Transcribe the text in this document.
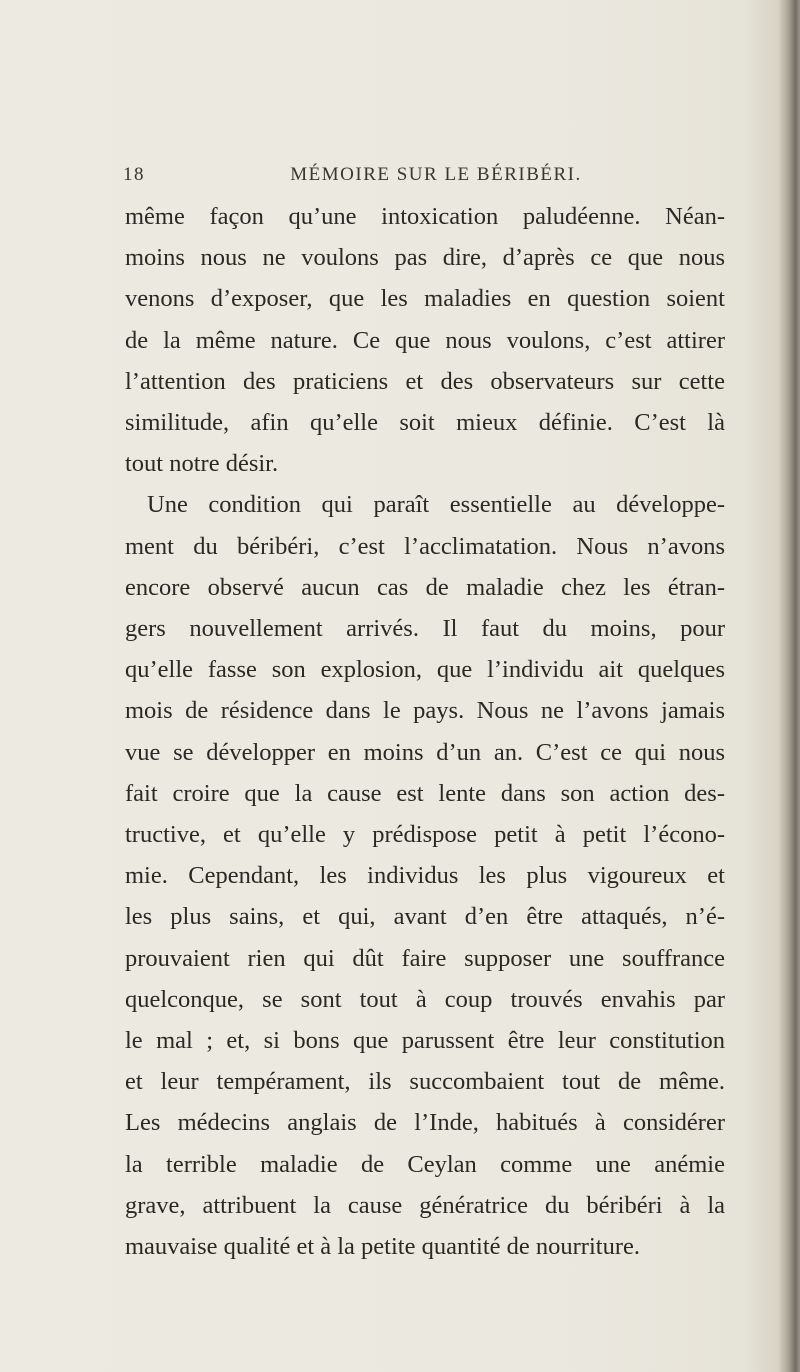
18	MÉMOIRE SUR LE BÉRIBÉRI.

même façon qu’une intoxication paludéenne. Néan-
moins nous ne voulons pas dire, d’après ce que nous
venons d’exposer, que les maladies en question soient
de la même nature. Ce que nous voulons, c’est attirer
l’attention des praticiens et des observateurs sur cette
similitude, afin qu’elle soit mieux définie. C’est là
tout notre désir.

Une condition qui paraît essentielle au développe-
ment du béribéri, c’est l’acclimatation. Nous n’avons
encore observé aucun cas de maladie chez les étran-
gers nouvellement arrivés. Il faut du moins, pour
qu’elle fasse son explosion, que l’individu ait quelques
mois de résidence dans le pays. Nous ne l’avons jamais
vue se développer en moins d’un an. C’est ce qui nous
fait croire que la cause est lente dans son action des-
tructive, et qu’elle y prédispose petit à petit l’écono-
mie. Cependant, les individus les plus vigoureux et
les plus sains, et qui, avant d’en être attaqués, n’é-
prouvaient rien qui dût faire supposer une souffrance
quelconque, se sont tout à coup trouvés envahis par
le mal ; et, si bons que parussent être leur constitution
et leur tempérament, ils succombaient tout de même.
Les médecins anglais de l’Inde, habitués à considérer
la terrible maladie de Ceylan comme une anémie
grave, attribuent la cause génératrice du béribéri à la
mauvaise qualité et à la petite quantité de nourriture.
